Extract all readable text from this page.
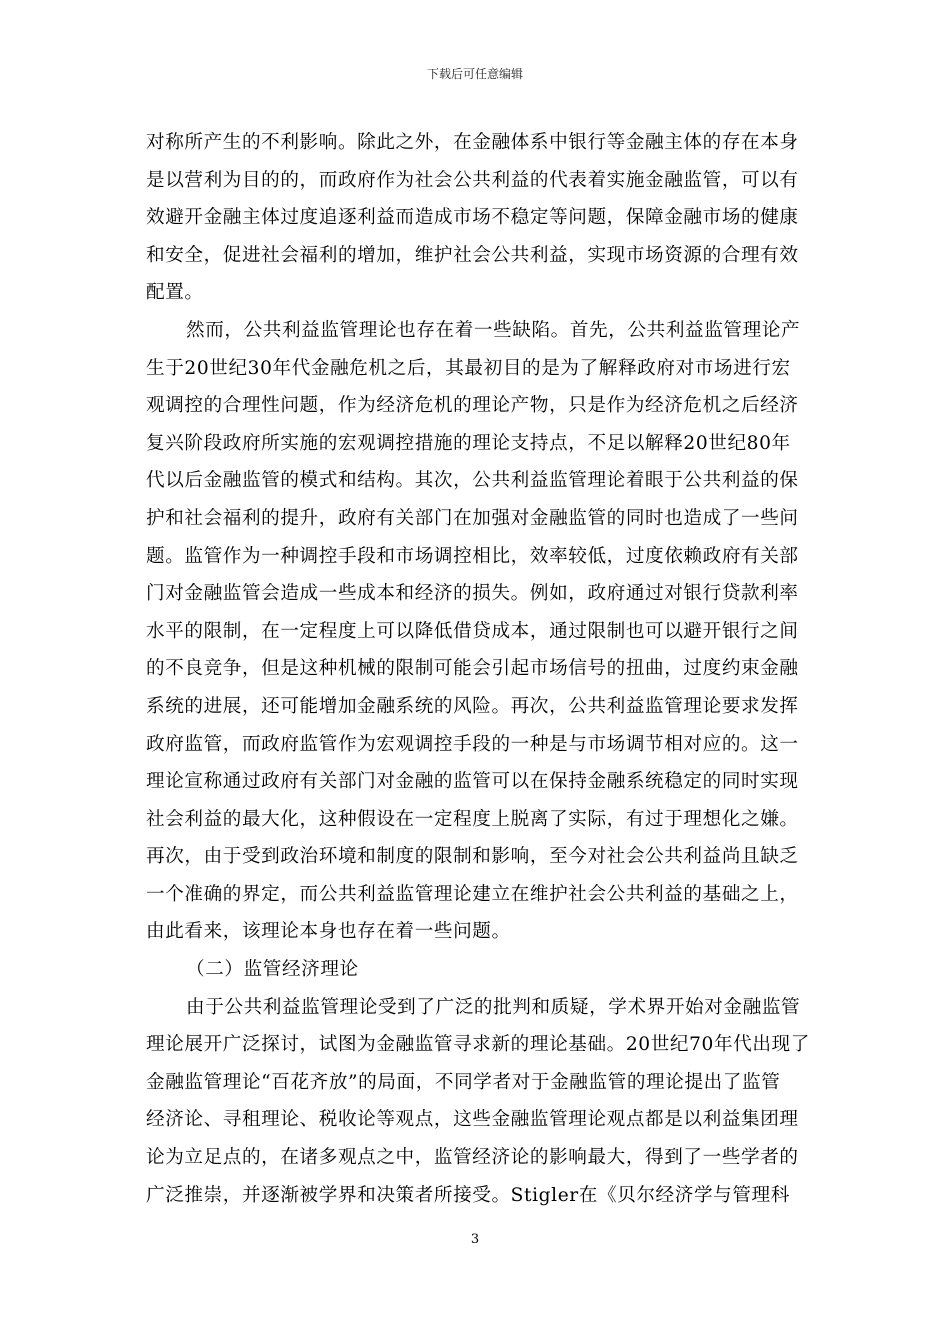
下载后可任意编辑
对称所产生的不利影响。除此之外，在金融体系中银行等金融主体的存在本身
是以营利为目的的，而政府作为社会公共利益的代表着实施金融监管，可以有
效避开金融主体过度追逐利益而造成市场不稳定等问题，保障金融市场的健康
和安全，促进社会福利的增加，维护社会公共利益，实现市场资源的合理有效
配置。
然而，公共利益监管理论也存在着一些缺陷。首先，公共利益监管理论产
生于20世纪30年代金融危机之后，其最初目的是为了解释政府对市场进行宏
观调控的合理性问题，作为经济危机的理论产物，只是作为经济危机之后经济
复兴阶段政府所实施的宏观调控措施的理论支持点，不足以解释20世纪80年
代以后金融监管的模式和结构。其次，公共利益监管理论着眼于公共利益的保
护和社会福利的提升，政府有关部门在加强对金融监管的同时也造成了一些问
题。监管作为一种调控手段和市场调控相比，效率较低，过度依赖政府有关部
门对金融监管会造成一些成本和经济的损失。例如，政府通过对银行贷款利率
水平的限制，在一定程度上可以降低借贷成本，通过限制也可以避开银行之间
的不良竞争，但是这种机械的限制可能会引起市场信号的扭曲，过度约束金融
系统的进展，还可能增加金融系统的风险。再次，公共利益监管理论要求发挥
政府监管，而政府监管作为宏观调控手段的一种是与市场调节相对应的。这一
理论宣称通过政府有关部门对金融的监管可以在保持金融系统稳定的同时实现
社会利益的最大化，这种假设在一定程度上脱离了实际，有过于理想化之嫌。
再次，由于受到政治环境和制度的限制和影响，至今对社会公共利益尚且缺乏
一个准确的界定，而公共利益监管理论建立在维护社会公共利益的基础之上，
由此看来，该理论本身也存在着一些问题。
（二）监管经济理论
由于公共利益监管理论受到了广泛的批判和质疑，学术界开始对金融监管
理论展开广泛探讨，试图为金融监管寻求新的理论基础。20世纪70年代出现了
金融监管理论“百花齐放”的局面，不同学者对于金融监管的理论提出了监管
经济论、寻租理论、税收论等观点，这些金融监管理论观点都是以利益集团理
论为立足点的，在诸多观点之中，监管经济论的影响最大，得到了一些学者的
广泛推崇，并逐渐被学界和决策者所接受。Stigler在《贝尔经济学与管理科
3
